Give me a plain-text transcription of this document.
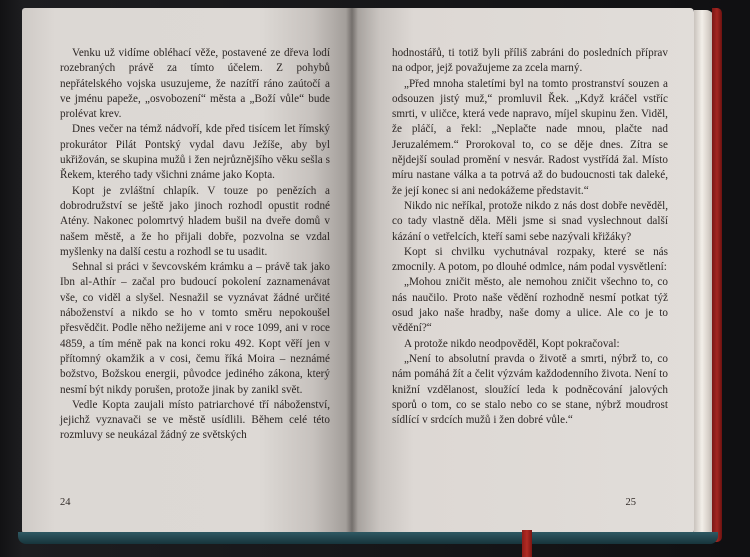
Venku už vidíme obléhací věže, postavené ze dřeva lodí rozebraných právě za tímto účelem. Z pohybů nepřátelského vojska usuzujeme, že nazítří ráno zaútočí a ve jménu papeže, „osvobození“ města a „Boží vůle“ bude prolévat krev.

Dnes večer na témž nádvoří, kde před tisícem let římský prokurátor Pilát Pontský vydal davu Ježíše, aby byl ukřižován, se skupina mužů i žen nejrůznějšího věku sešla s Řekem, kterého tady všichni známe jako Kopta.

Kopt je zvláštní chlapík. V touze po penězích a dobrodružství se ještě jako jinoch rozhodl opustit rodné Atény. Nakonec polomrtvý hladem bušil na dveře domů v našem městě, a že ho přijali dobře, pozvolna se vzdal myšlenky na další cestu a rozhodl se tu usadit.

Sehnal si práci v ševcovském krámku a – právě tak jako Ibn al-Athír – začal pro budoucí pokolení zaznamenávat vše, co viděl a slyšel. Nesnažil se vyznávat žádné určité náboženství a nikdo se ho v tomto směru nepokoušel přesvědčit. Podle něho nežijeme ani v roce 1099, ani v roce 4859, a tím méně pak na konci roku 492. Kopt věří jen v přítomný okamžik a v cosi, čemu říká Moira – neznámé božstvo, Božskou energii, původce jediného zákona, který nesmí být nikdy porušen, protože jinak by zanikl svět.

Vedle Kopta zaujali místo patriarchové tří náboženství, jejichž vyznavači se ve městě usídlili. Během celé této rozmluvy se neukázal žádný ze světských

24

hodnostářů, ti totiž byli příliš zabráni do posledních příprav na odpor, jejž považujeme za zcela marný.

„Před mnoha staletími byl na tomto prostranství souzen a odsouzen jistý muž,“ promluvil Řek. „Když kráčel vstříc smrti, v uličce, která vede napravo, míjel skupinu žen. Viděl, že pláčí, a řekl: „Neplačte nade mnou, plačte nad Jeruzalémem.“ Prorokoval to, co se děje dnes. Zítra se nějdejší soulad promění v nesvár. Radost vystřídá žal. Místo míru nastane válka a ta potrvá až do budoucnosti tak daleké, že její konec si ani nedokážeme představit.“

Nikdo nic neříkal, protože nikdo z nás dost dobře nevěděl, co tady vlastně děla. Měli jsme si snad vyslechnout další kázání o vetřelcích, kteří sami sebe nazývali křižáky?

Kopt si chvilku vychutnával rozpaky, které se nás zmocnily. A potom, po dlouhé odmlce, nám podal vysvětlení:

„Mohou zničit město, ale nemohou zničit všechno to, co nás naučilo. Proto naše vědění rozhodně nesmí potkat týž osud jako naše hradby, naše domy a ulice. Ale co je to vědění?“

A protože nikdo neodpověděl, Kopt pokračoval:

„Není to absolutní pravda o životě a smrti, nýbrž to, co nám pomáhá žít a čelit výzvám každodenního života. Není to knižní vzdělanost, sloužící leda k podněcování jalových sporů o tom, co se stalo nebo co se stane, nýbrž moudrost sídlící v srdcích mužů i žen dobré vůle.“

25
